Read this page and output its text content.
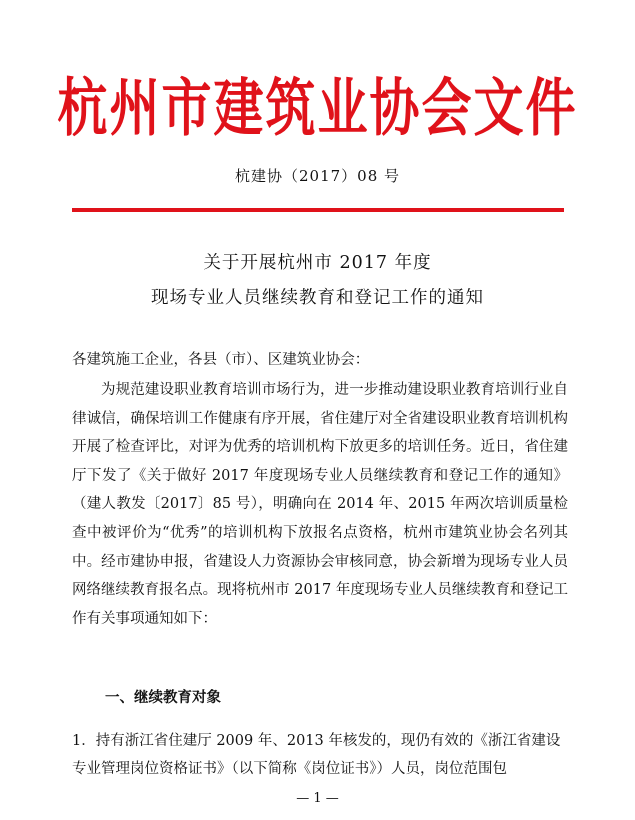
杭州市建筑业协会文件
杭建协（2017）08 号
关于开展杭州市 2017 年度
现场专业人员继续教育和登记工作的通知
各建筑施工企业，各县（市）、区建筑业协会：

为规范建设职业教育培训市场行为，进一步推动建设职业教育培训行业自律诚信，确保培训工作健康有序开展，省住建厅对全省建设职业教育培训机构开展了检查评比，对评为优秀的培训机构下放更多的培训任务。近日，省住建厅下发了《关于做好 2017 年度现场专业人员继续教育和登记工作的通知》（建人教发〔2017〕85 号），明确向在 2014 年、2015 年两次培训质量检查中被评价为“优秀”的培训机构下放报名点资格，杭州市建筑业协会名列其中。经市建协申报，省建设人力资源协会审核同意，协会新增为现场专业人员网络继续教育报名点。现将杭州市 2017 年度现场专业人员继续教育和登记工作有关事项通知如下：

一、继续教育对象

1．持有浙江省住建厅 2009 年、2013 年核发的，现仍有效的《浙江省建设专业管理岗位资格证书》（以下简称《岗位证书》）人员，岗位范围包

— 1 —
